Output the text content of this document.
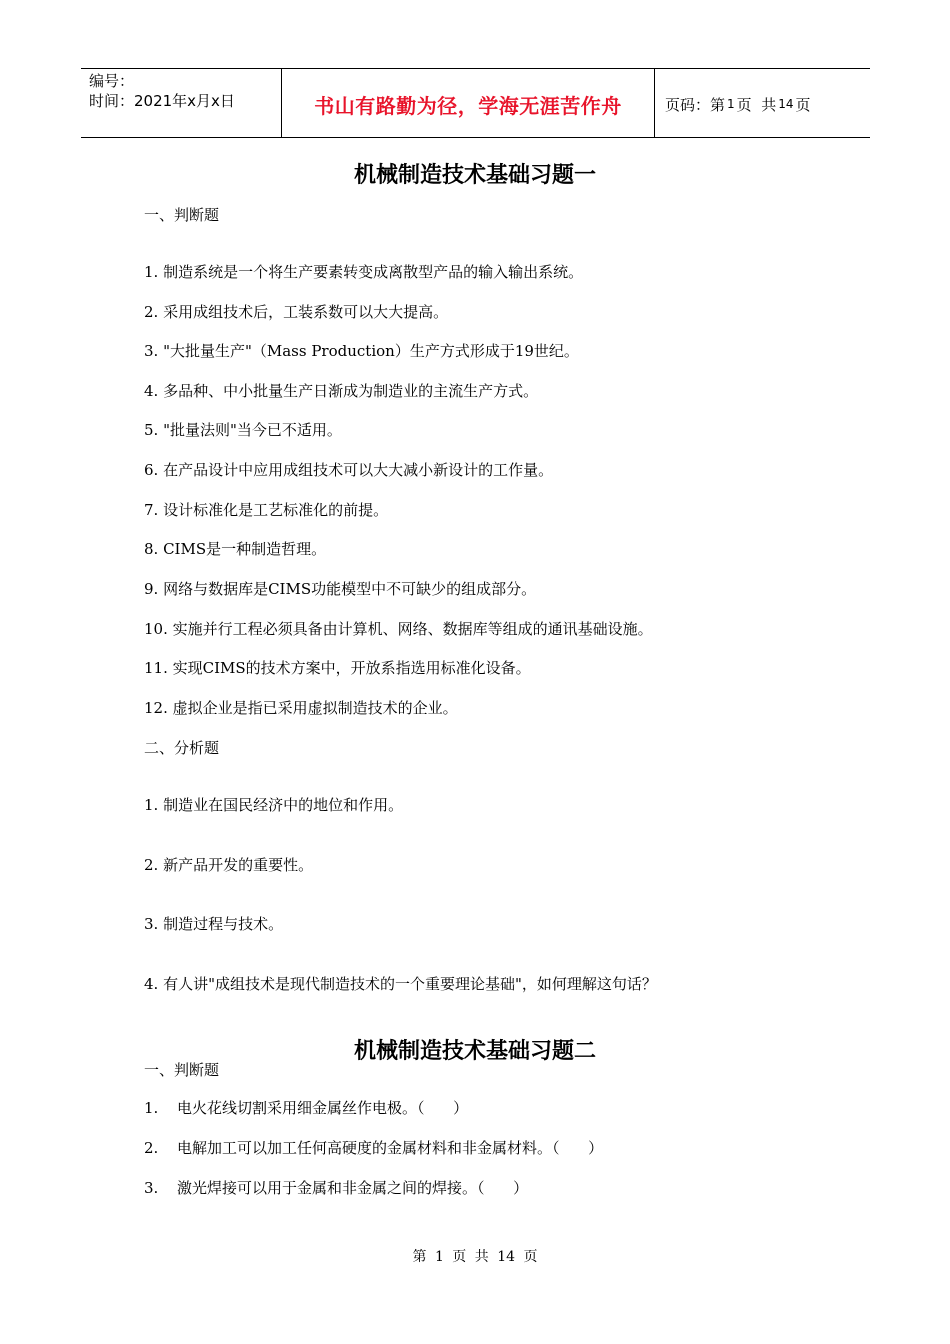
编号：
时间：2021年x月x日	书山有路勤为径，学海无涯苦作舟	页码：第 1 页  共 14 页
机械制造技术基础习题一
一、判断题
1. 制造系统是一个将生产要素转变成离散型产品的输入输出系统。
2. 采用成组技术后，工装系数可以大大提高。
3. "大批量生产"（Mass Production）生产方式形成于19世纪。
4. 多品种、中小批量生产日渐成为制造业的主流生产方式。
5. "批量法则"当今已不适用。
6. 在产品设计中应用成组技术可以大大减小新设计的工作量。
7. 设计标准化是工艺标准化的前提。
8. CIMS是一种制造哲理。
9. 网络与数据库是CIMS功能模型中不可缺少的组成部分。
10. 实施并行工程必须具备由计算机、网络、数据库等组成的通讯基础设施。
11. 实现CIMS的技术方案中，开放系指选用标准化设备。
12. 虚拟企业是指已采用虚拟制造技术的企业。
二、分析题
1. 制造业在国民经济中的地位和作用。
2. 新产品开发的重要性。
3. 制造过程与技术。
4. 有人讲"成组技术是现代制造技术的一个重要理论基础"，如何理解这句话？
机械制造技术基础习题二
一、判断题
1. 电火花线切割采用细金属丝作电极。（      ）
2. 电解加工可以加工任何高硬度的金属材料和非金属材料。（      ）
3. 激光焊接可以用于金属和非金属之间的焊接。（      ）
第 1 页 共 14 页
